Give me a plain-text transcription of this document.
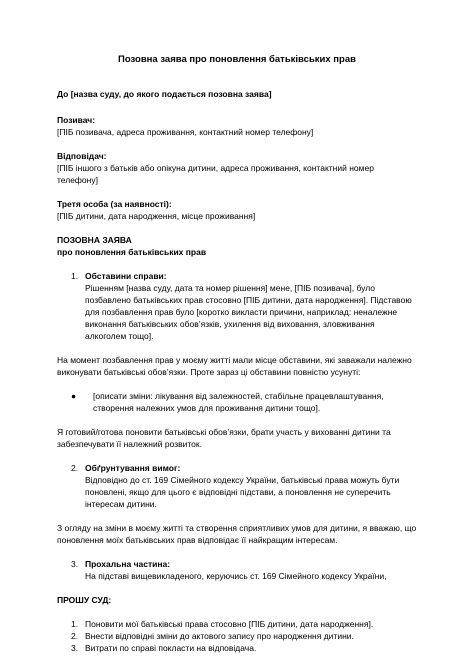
Позовна заява про поновлення батьківських прав

До [назва суду, до якого подається позовна заява]

Позивач:

[ПІБ позивача, адреса проживання, контактний номер телефону]

Відповідач:

[ПІБ іншого з батьків або опікуна дитини, адреса проживання, контактний номер телефону]

Третя особа (за наявності):

[ПІБ дитини, дата народження, місце проживання]

ПОЗОВНА ЗАЯВА

про поновлення батьківських прав

1. Обставини справи:

Рішенням [назва суду, дата та номер рішення] мене, [ПІБ позивача], було позбавлено батьківських прав стосовно [ПІБ дитини, дата народження]. Підставою для позбавлення прав було [коротко викласти причини, наприклад: неналежне виконання батьківських обов’язків, ухилення від виховання, зловживання алкоголем тощо].

На момент позбавлення прав у моєму житті мали місце обставини, які заважали належно виконувати батьківські обов’язки. Проте зараз ці обставини повністю усунуті:

●	[описати зміни: лікування від залежностей, стабільне працевлаштування, створення належних умов для проживання дитини тощо].

Я готовий/готова поновити батьківські обов’язки, брати участь у вихованні дитини та забезпечувати її належний розвиток.

2. Обґрунтування вимог:

Відповідно до ст. 169 Сімейного кодексу України, батьківські права можуть бути поновлені, якщо для цього є відповідні підстави, а поновлення не суперечить інтересам дитини.

З огляду на зміни в моєму житті та створення сприятливих умов для дитини, я вважаю, що поновлення моїх батьківських прав відповідає її найкращим інтересам.

3. Прохальна частина:

На підставі вищевикладеного, керуючись ст. 169 Сімейного кодексу України,

ПРОШУ СУД:

1. Поновити мої батьківські права стосовно [ПІБ дитини, дата народження].

2. Внести відповідні зміни до актового запису про народження дитини.

3. Витрати по справі покласти на відповідача.
